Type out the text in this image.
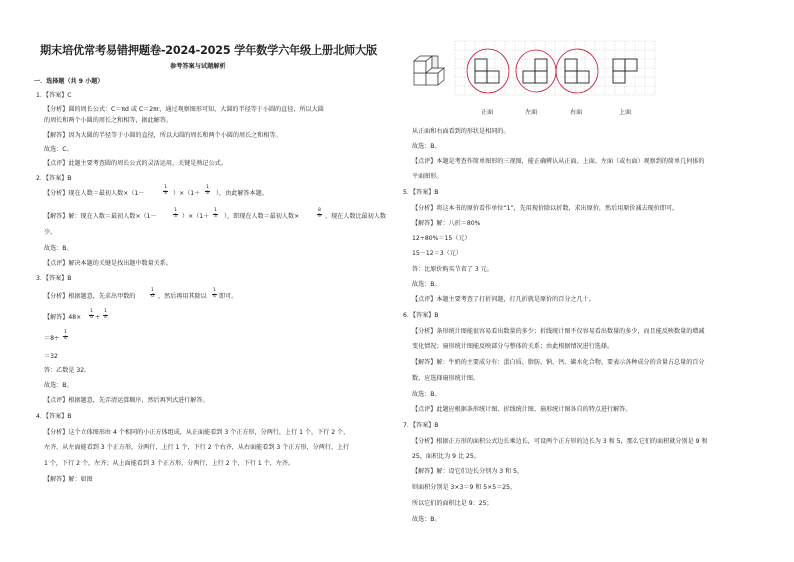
期末培优常考易错押题卷-2024-2025 学年数学六年级上册北师大版
参考答案与试题解析
一．选择题（共 9 小题）
1．【答案】C
【分析】圆的周长公式：C＝πd 或 C＝2πr，通过观察图形可知，大圆的半径等于小圆的直径，所以大圆
的周长和两个小圆的周长之和相等，据此解答。
【解答】因为大圆的半径等于小圆的直径，所以大圆的周长和两个小圆的周长之和相等。
故选：C。
【点评】此题主要考查圆的周长公式的灵活运用，关键是熟记公式。
2．【答案】B
【分析】现在人数＝最初人数×（1－	）×（1＋	），由此解答本题。
【解答】解：现在人数＝最初人数×（1－	）×（1＋ ），即现在人数＝最初人数×	，现在人数比最初人数
少。
故选：B。
【点评】解决本题的关键是找出题中数量关系。
3．【答案】B
【分析】根据题意，先求出甲数的	，然后再用其除以 即可。
【解答】48× ÷
＝8÷
＝32
答：乙数是 32。
故选：B。
【点评】根据题意，先弄清运算顺序，然后再列式进行解答。
4．【答案】B
【分析】这个立体图形由 4 个相同的小正方体组成，从正面能看到 3 个正方形，分两行，上行 1 个，下行 2 个，
左齐，从左面能看到 3 个正方形，分两行，上行 1 个，下行 2 个右齐，从右面能看到 3 个正方形，分两行，上行
1 个，下行 2 个，左齐；从上面能看到 3 个正方形，分两行，上行 2 个，下行 1 个，左齐。
【解答】解：如图
$\frac{1}{3}$	$\frac{1}{3}$
$\frac{1}{3}$	$\frac{1}{3}$	$\frac{8}{9}$
$\frac{1}{6}$	$\frac{1}{4}$
$\frac{1}{6} \frac{1}{4}$
$\frac{1}{4}$
正面	左面	右面	上面
从正面和右面看到的形状是相同的。
故选：B。
【点评】本题是考查作简单图形的三视图，能正确辨认从正面、上面、左面（或右面）观察到的简单几何体的
平面图形。
5．【答案】B
【分析】将这本书的原价看作单位“1”，先用现价除以折数，求出原价，然后用原价减去现价即可。
【解答】解：八折＝80%
12÷80%＝15（元）
15－12＝3（元）
答：比原价购买节省了 3 元。
故选：B。
【点评】本题主要考查了打折问题，打几折就是原价的百分之几十。
6．【答案】B
【分析】条形统计图能很容易看出数量的多少；折线统计图不仅容易看出数量的多少，而且能反映数量的增减
变化情况；扇形统计图能反映部分与整体的关系；由此根据情况进行选择。
【解答】解：牛奶的主要成分有：蛋白质、脂肪、钠、钙、碳水化合物。要表示各种成分的含量占总量的百分
数，应选择扇形统计图。
故选：B。
【点评】此题应根据条形统计图、折线统计图、扇形统计图各自的特点进行解答。
7．【答案】B
【分析】根据正方形的面积公式边长乘边长，可设两个正方形的边长为 3 和 5，那么它们的面积就分别是 9 和
25，面积比为 9 比 25。
【解答】解：设它们边长分别为 3 和 5，
则面积分别是 3×3＝9 和 5×5＝25，
所以它们的面积比是 9：25；
故选：B。
